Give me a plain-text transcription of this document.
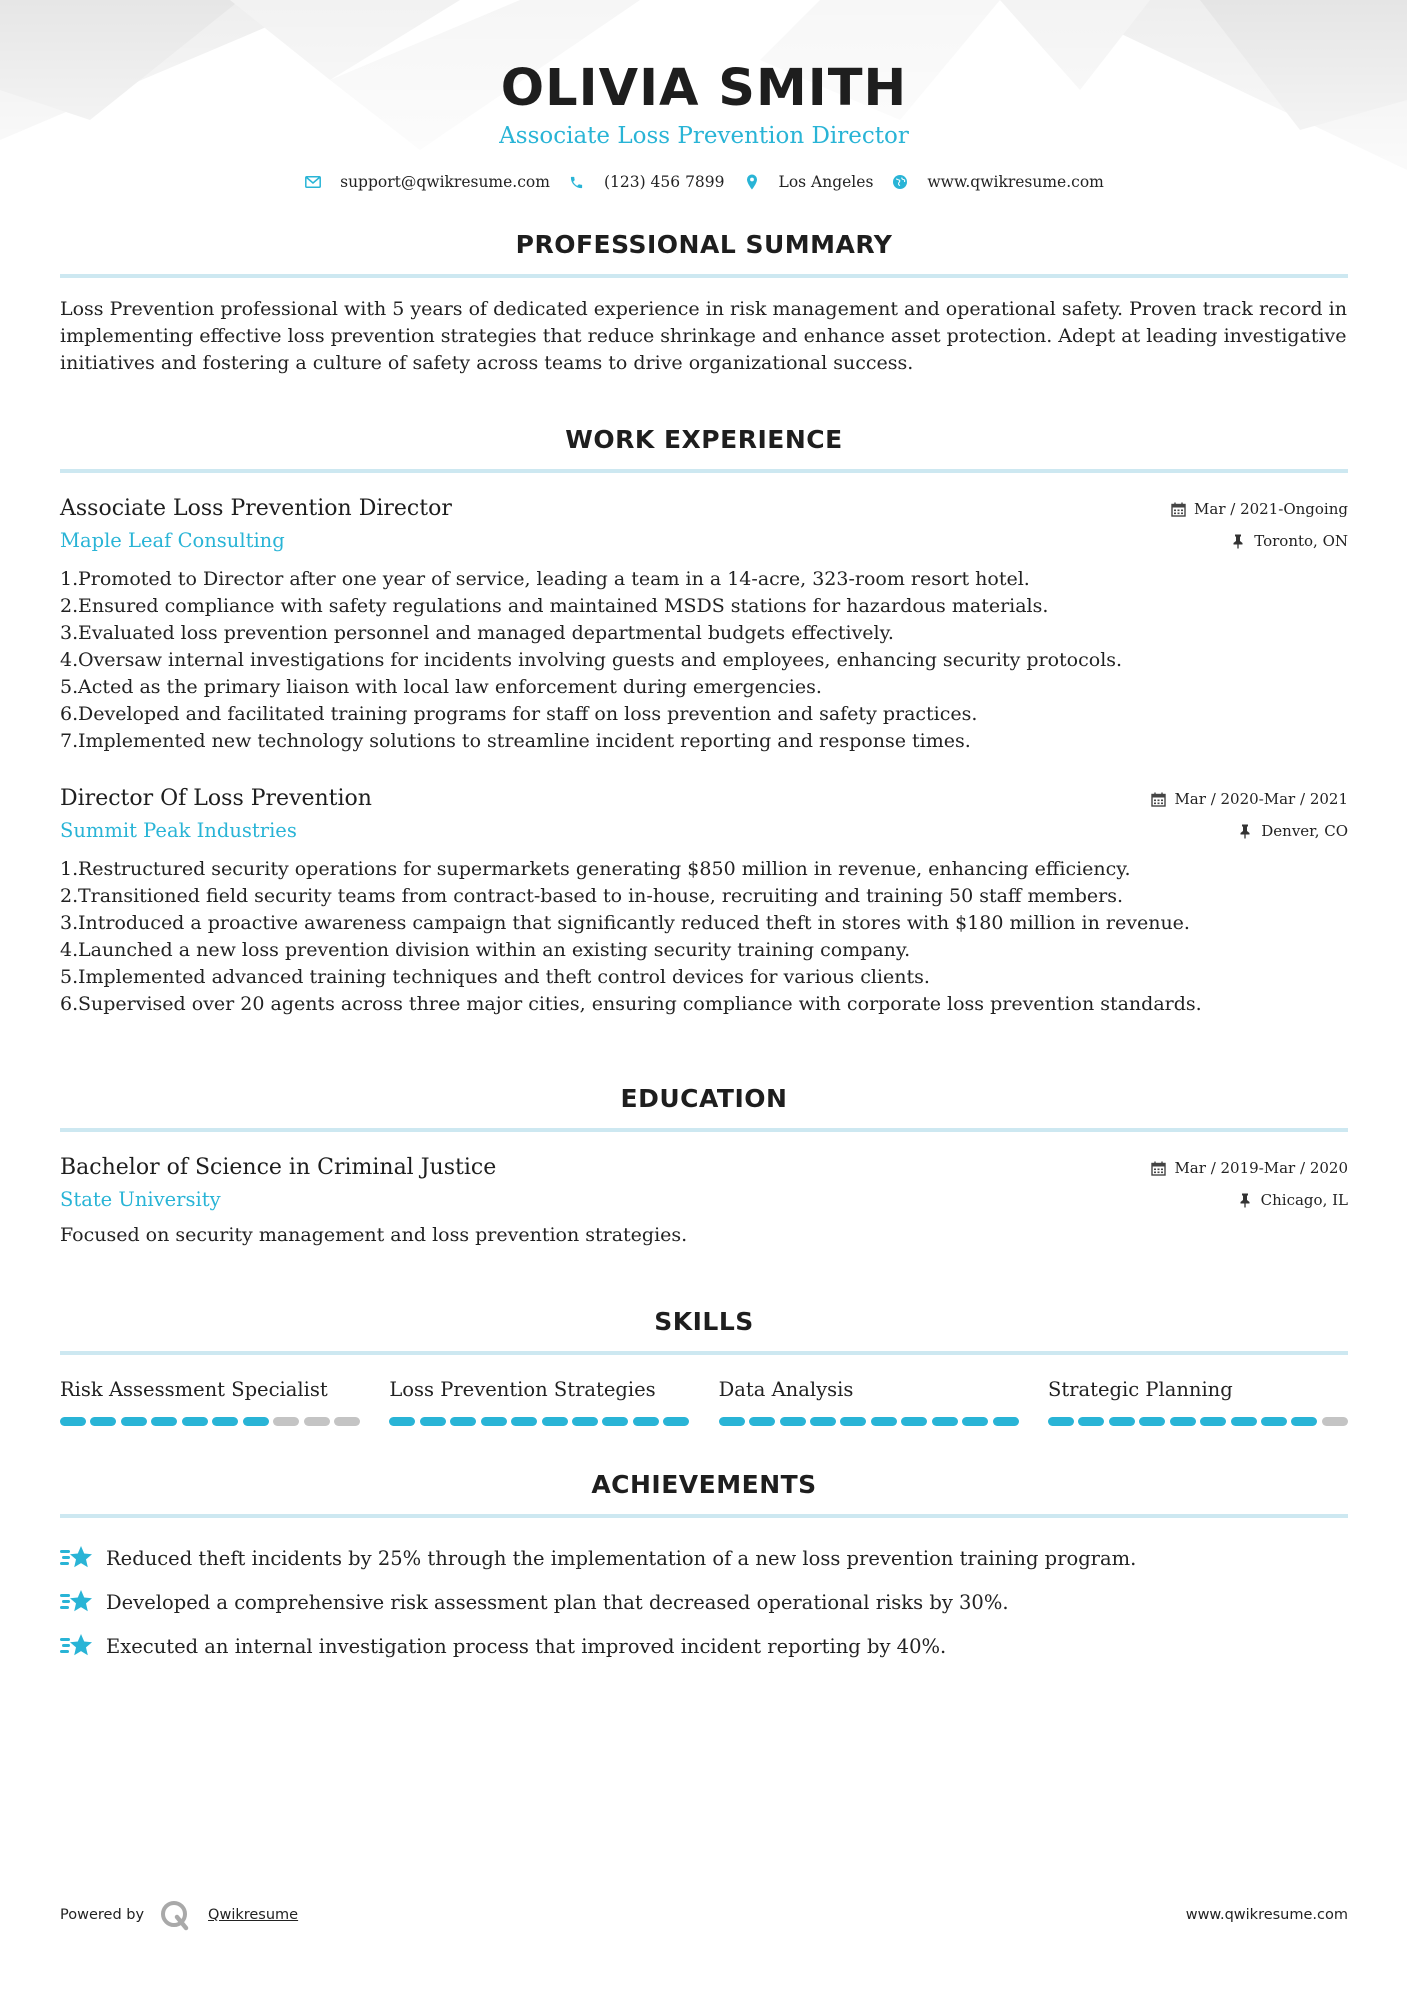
OLIVIA SMITH
Associate Loss Prevention Director
support@qwikresume.com	(123) 456 7899	Los Angeles	www.qwikresume.com
PROFESSIONAL SUMMARY
Loss Prevention professional with 5 years of dedicated experience in risk management and operational safety. Proven track record in implementing effective loss prevention strategies that reduce shrinkage and enhance asset protection. Adept at leading investigative initiatives and fostering a culture of safety across teams to drive organizational success.
WORK EXPERIENCE
Associate Loss Prevention Director
Maple Leaf Consulting
Mar / 2021-Ongoing
Toronto, ON
1. Promoted to Director after one year of service, leading a team in a 14-acre, 323-room resort hotel.
2. Ensured compliance with safety regulations and maintained MSDS stations for hazardous materials.
3. Evaluated loss prevention personnel and managed departmental budgets effectively.
4. Oversaw internal investigations for incidents involving guests and employees, enhancing security protocols.
5. Acted as the primary liaison with local law enforcement during emergencies.
6. Developed and facilitated training programs for staff on loss prevention and safety practices.
7. Implemented new technology solutions to streamline incident reporting and response times.
Director Of Loss Prevention
Summit Peak Industries
Mar / 2020-Mar / 2021
Denver, CO
1. Restructured security operations for supermarkets generating $850 million in revenue, enhancing efficiency.
2. Transitioned field security teams from contract-based to in-house, recruiting and training 50 staff members.
3. Introduced a proactive awareness campaign that significantly reduced theft in stores with $180 million in revenue.
4. Launched a new loss prevention division within an existing security training company.
5. Implemented advanced training techniques and theft control devices for various clients.
6. Supervised over 20 agents across three major cities, ensuring compliance with corporate loss prevention standards.
EDUCATION
Bachelor of Science in Criminal Justice
State University
Mar / 2019-Mar / 2020
Chicago, IL
Focused on security management and loss prevention strategies.
SKILLS
Risk Assessment Specialist	Loss Prevention Strategies	Data Analysis	Strategic Planning
ACHIEVEMENTS
Reduced theft incidents by 25% through the implementation of a new loss prevention training program.
Developed a comprehensive risk assessment plan that decreased operational risks by 30%.
Executed an internal investigation process that improved incident reporting by 40%.
Powered by	Qwikresume	www.qwikresume.com
